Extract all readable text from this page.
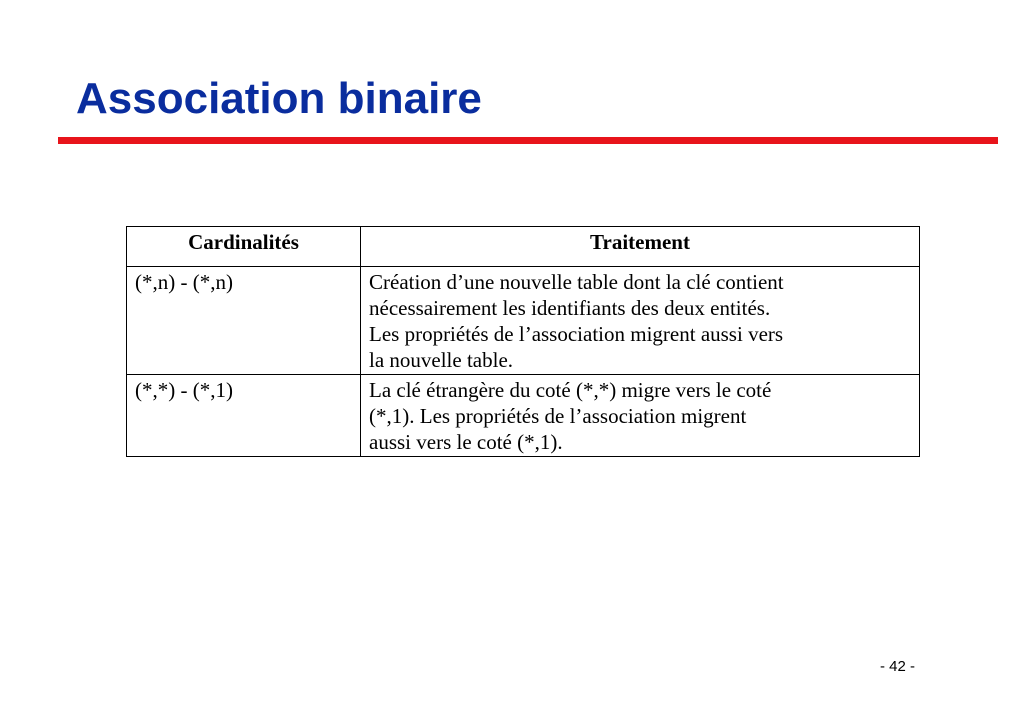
Association binaire
Cardinalités	Traitement
(*,n) - (*,n)	Création d’une nouvelle table dont la clé contient
nécessairement les identifiants des deux entités.
Les propriétés de l’association migrent aussi vers
la nouvelle table.

(*,*) - (*,1)	La clé étrangère du coté (*,*) migre vers le coté
(*,1). Les propriétés de l’association migrent
aussi vers le coté (*,1).
- 42 -
